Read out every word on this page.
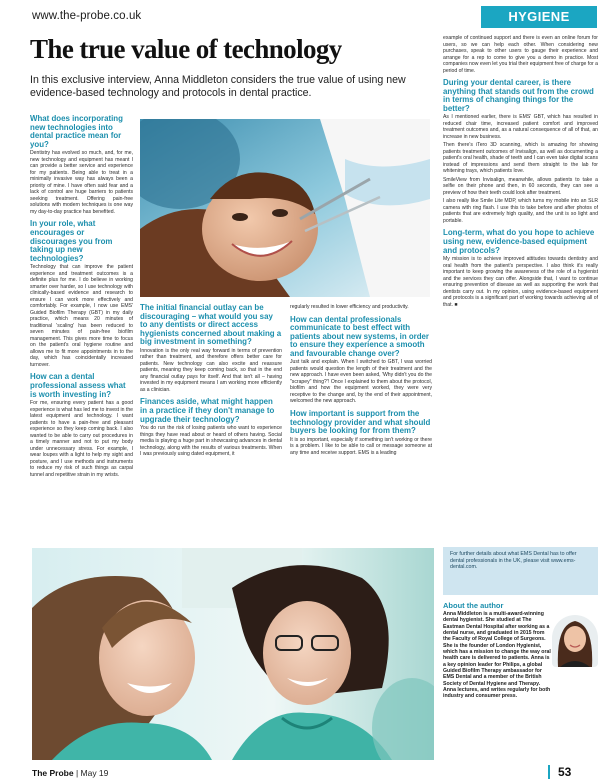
www.the-probe.co.uk	HYGIENE
The true value of technology
In this exclusive interview, Anna Middleton considers the true value of using new evidence-based technology and protocols in dental practice.
What does incorporating new technologies into dental practice mean for you?

Dentistry has evolved so much, and, for me, new technology and equipment has meant I can provide a better service and experience for my patients. Being able to treat in a minimally invasive way has always been a priority of mine. I have often said fear and a lack of control are huge barriers to patients seeking treatment. Offering pain-free solutions with modern techniques is one way my day-to-day practice has benefited.

In your role, what encourages or discourages you from taking up new technologies?

Technology that can improve the patient experience and treatment outcomes is a definite plus for me. I do believe in working smarter over harder, so I use technology with clinically-based evidence and research to ensure I can work more effectively and comfortably. For example, I now use EMS' Guided Biofilm Therapy (GBT) in my daily practice, which means 20 minutes of traditional 'scaling' has been reduced to seven minutes of pain-free biofilm management. This gives more time to focus on the patient's oral hygiene routine and allows me to fit more appointments in to the day, which has coincidentally increased turnover.

How can a dental professional assess what is worth investing in?

For me, ensuring every patient has a good experience is what has led me to invest in the latest equipment and technology. I want patients to have a pain-free and pleasant experience so they keep coming back. I also wanted to be able to carry out procedures in a timely manner and not to put my body under unnecessary stress. For example, I wear loupes with a light to help my sight and posture, and I use methods and instruments to reduce my risk of such things as carpal tunnel and repetitive strain in my wrists.

The initial financial outlay can be discouraging – what would you say to any dentists or direct access hygienists concerned about making a big investment in something?

Innovation is the only real way forward in terms of prevention rather than treatment, and therefore offers better care for patients. New technology can also excite and reassure patients, meaning they keep coming back, so that in the end any financial outlay pays for itself. And that isn't all – having invested in my equipment means I am working more efficiently as a clinician.

Finances aside, what might happen in a practice if they don't manage to upgrade their technology?

You do run the risk of losing patients who want to experience things they have read about or heard of others having. Social media is playing a huge part in showcasing advances in dental technology, along with the results of various treatments. When I was previously using dated equipment, it

regularly resulted in lower efficiency and productivity.

How can dental professionals communicate to best effect with patients about new systems, in order to ensure they experience a smooth and favourable change over?

Just talk and explain. When I switched to GBT, I was worried patients would question the length of their treatment and the new approach. I have even been asked, 'Why didn't you do the "scrapey" thing?'! Once I explained to them about the protocol, biofilm and how the equipment worked, they were very receptive to the change and, by the end of their appointment, welcomed the new approach.

How important is support from the technology provider and what should buyers be looking for from them?

It is so important, especially if something isn't working or there is a problem. I like to be able to call or message someone at any time and receive support. EMS is a leading

example of continued support and there is even an online forum for users, so we can help each other. When considering new purchases, speak to other users to gauge their experience and arrange for a rep to come to give you a demo in practice. Most companies now even let you trial their equipment free of charge for a period of time.

During your dental career, is there anything that stands out from the crowd in terms of changing things for the better?

As I mentioned earlier, there is EMS' GBT, which has resulted in reduced chair time, increased patient comfort and improved treatment outcomes and, as a natural consequence of all of that, an increase in new business.

Then there's iTero 3D scanning, which is amazing for showing patients treatment outcomes of Invisalign, as well as documenting a patient's oral health, shade of teeth and I can even take digital scans instead of impressions and send them straight to the lab for whitening trays, which patients love.

SmileView from Invisalign, meanwhile, allows patients to take a selfie on their phone and then, in 60 seconds, they can see a preview of how their teeth could look after treatment.

I also really like Smile Lite MDP, which turns my mobile into an SLR camera with ring flash. I use this to take before and after photos of patients that are extremely high quality, and the unit is so light and portable.

Long-term, what do you hope to achieve using new, evidence-based equipment and protocols?

My mission is to achieve improved attitudes towards dentistry and oral health from the patient's perspective. I also think it's really important to keep growing the awareness of the role of a hygienist and the services they can offer. Alongside that, I want to continue ensuring prevention of disease as well as supporting the work that dentists carry out. In my opinion, using evidence-based equipment and protocols is a significant part of working towards achieving all of that. ■

For further details about what EMS Dental has to offer dental professionals in the UK, please visit www.ems-dental.com.
About the author

Anna Middleton is a multi-award-winning dental hygienist. She studied at The Eastman Dental Hospital after working as a dental nurse, and graduated in 2015 from the Faculty of Royal College of Surgeons. She is the founder of London Hygienist, which has a mission to change the way oral health care is delivered to patients. Anna is a key opinion leader for Philips, a global Guided Biofilm Therapy ambassador for EMS Dental and a member of the British Society of Dental Hygiene and Therapy. Anna lectures, and writes regularly for both industry and consumer press.

The Probe | May 19	53
